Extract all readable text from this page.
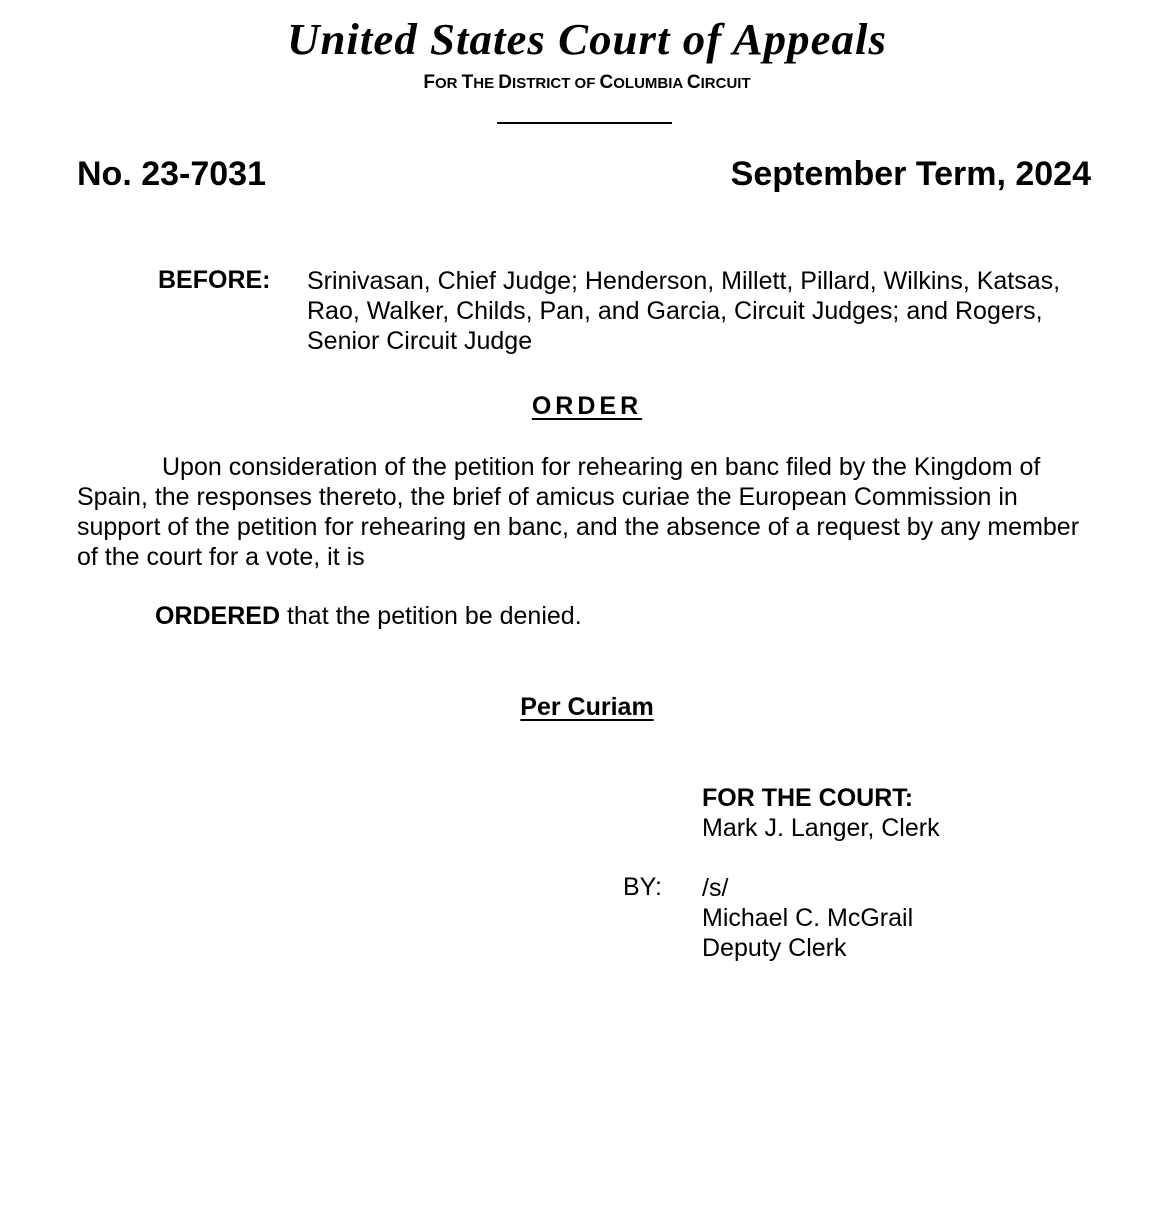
United States Court of Appeals
FOR THE DISTRICT OF COLUMBIA CIRCUIT
No. 23-7031	September Term, 2024
BEFORE: Srinivasan, Chief Judge; Henderson, Millett, Pillard, Wilkins, Katsas, Rao, Walker, Childs, Pan, and Garcia, Circuit Judges; and Rogers, Senior Circuit Judge
ORDER

Upon consideration of the petition for rehearing en banc filed by the Kingdom of Spain, the responses thereto, the brief of amicus curiae the European Commission in support of the petition for rehearing en banc, and the absence of a request by any member of the court for a vote, it is

ORDERED that the petition be denied.
Per Curiam
FOR THE COURT:
Mark J. Langer, Clerk
BY: /s/
Michael C. McGrail
Deputy Clerk
